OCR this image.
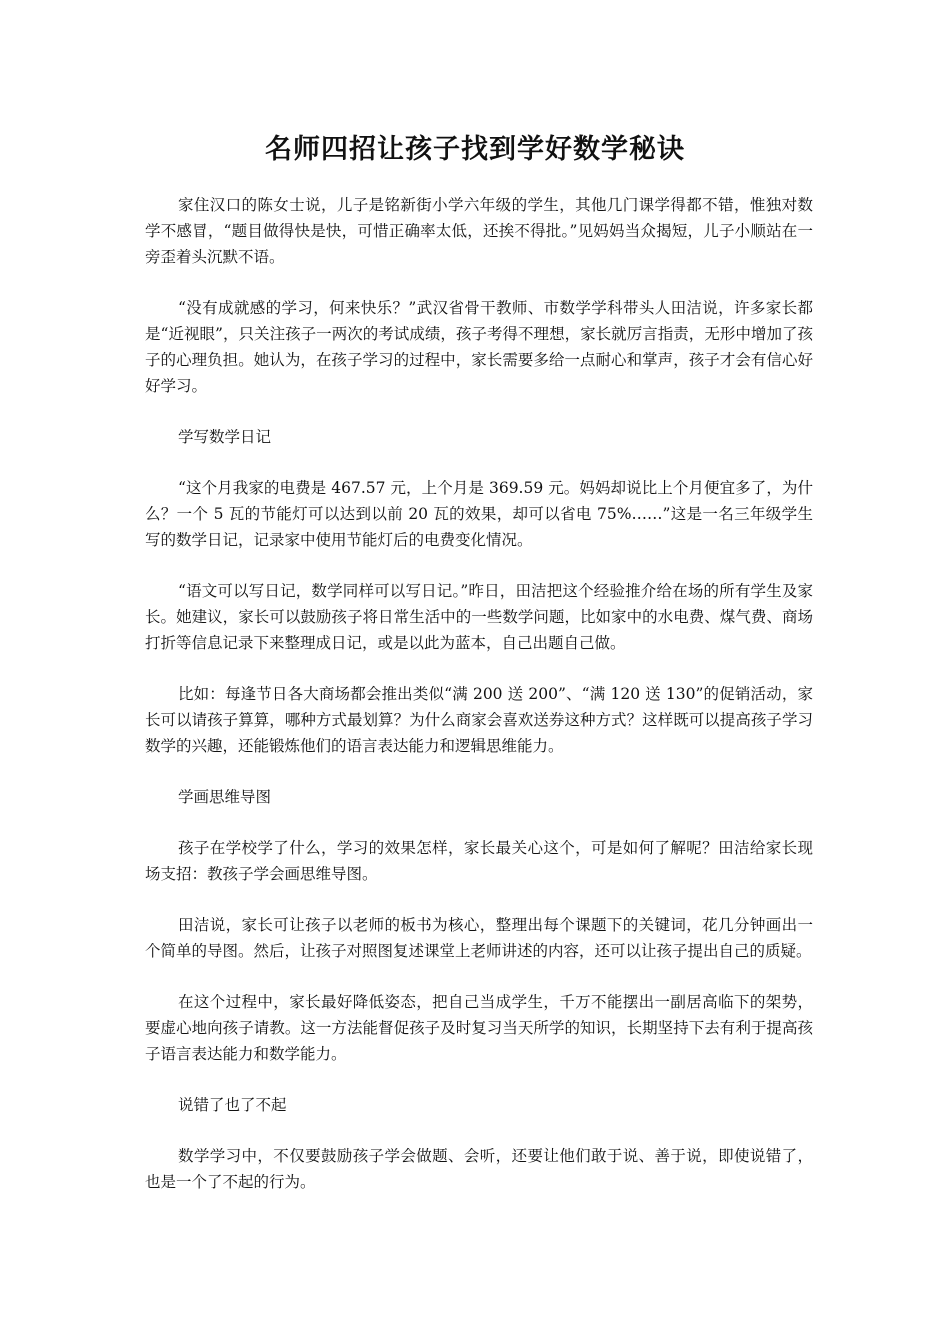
名师四招让孩子找到学好数学秘诀

家住汉口的陈女士说，儿子是铭新街小学六年级的学生，其他几门课学得都不错，惟独对数学不感冒，“题目做得快是快，可惜正确率太低，还挨不得批。”见妈妈当众揭短，儿子小顺站在一旁歪着头沉默不语。

“没有成就感的学习，何来快乐？”武汉省骨干教师、市数学学科带头人田洁说，许多家长都是“近视眼”，只关注孩子一两次的考试成绩，孩子考得不理想，家长就厉言指责，无形中增加了孩子的心理负担。她认为，在孩子学习的过程中，家长需要多给一点耐心和掌声，孩子才会有信心好好学习。

学写数学日记

“这个月我家的电费是 467.57 元，上个月是 369.59 元。妈妈却说比上个月便宜多了，为什么？一个 5 瓦的节能灯可以达到以前 20 瓦的效果，却可以省电 75%……”这是一名三年级学生写的数学日记，记录家中使用节能灯后的电费变化情况。

“语文可以写日记，数学同样可以写日记。”昨日，田洁把这个经验推介给在场的所有学生及家长。她建议，家长可以鼓励孩子将日常生活中的一些数学问题，比如家中的水电费、煤气费、商场打折等信息记录下来整理成日记，或是以此为蓝本，自己出题自己做。

比如：每逢节日各大商场都会推出类似“满 200 送 200”、“满 120 送 130”的促销活动，家长可以请孩子算算，哪种方式最划算？为什么商家会喜欢送券这种方式？这样既可以提高孩子学习数学的兴趣，还能锻炼他们的语言表达能力和逻辑思维能力。

学画思维导图

孩子在学校学了什么，学习的效果怎样，家长最关心这个，可是如何了解呢？田洁给家长现场支招：教孩子学会画思维导图。

田洁说，家长可让孩子以老师的板书为核心，整理出每个课题下的关键词，花几分钟画出一个简单的导图。然后，让孩子对照图复述课堂上老师讲述的内容，还可以让孩子提出自己的质疑。

在这个过程中，家长最好降低姿态，把自己当成学生，千万不能摆出一副居高临下的架势，要虚心地向孩子请教。这一方法能督促孩子及时复习当天所学的知识，长期坚持下去有利于提高孩子语言表达能力和数学能力。

说错了也了不起

数学学习中，不仅要鼓励孩子学会做题、会听，还要让他们敢于说、善于说，即使说错了，也是一个了不起的行为。
